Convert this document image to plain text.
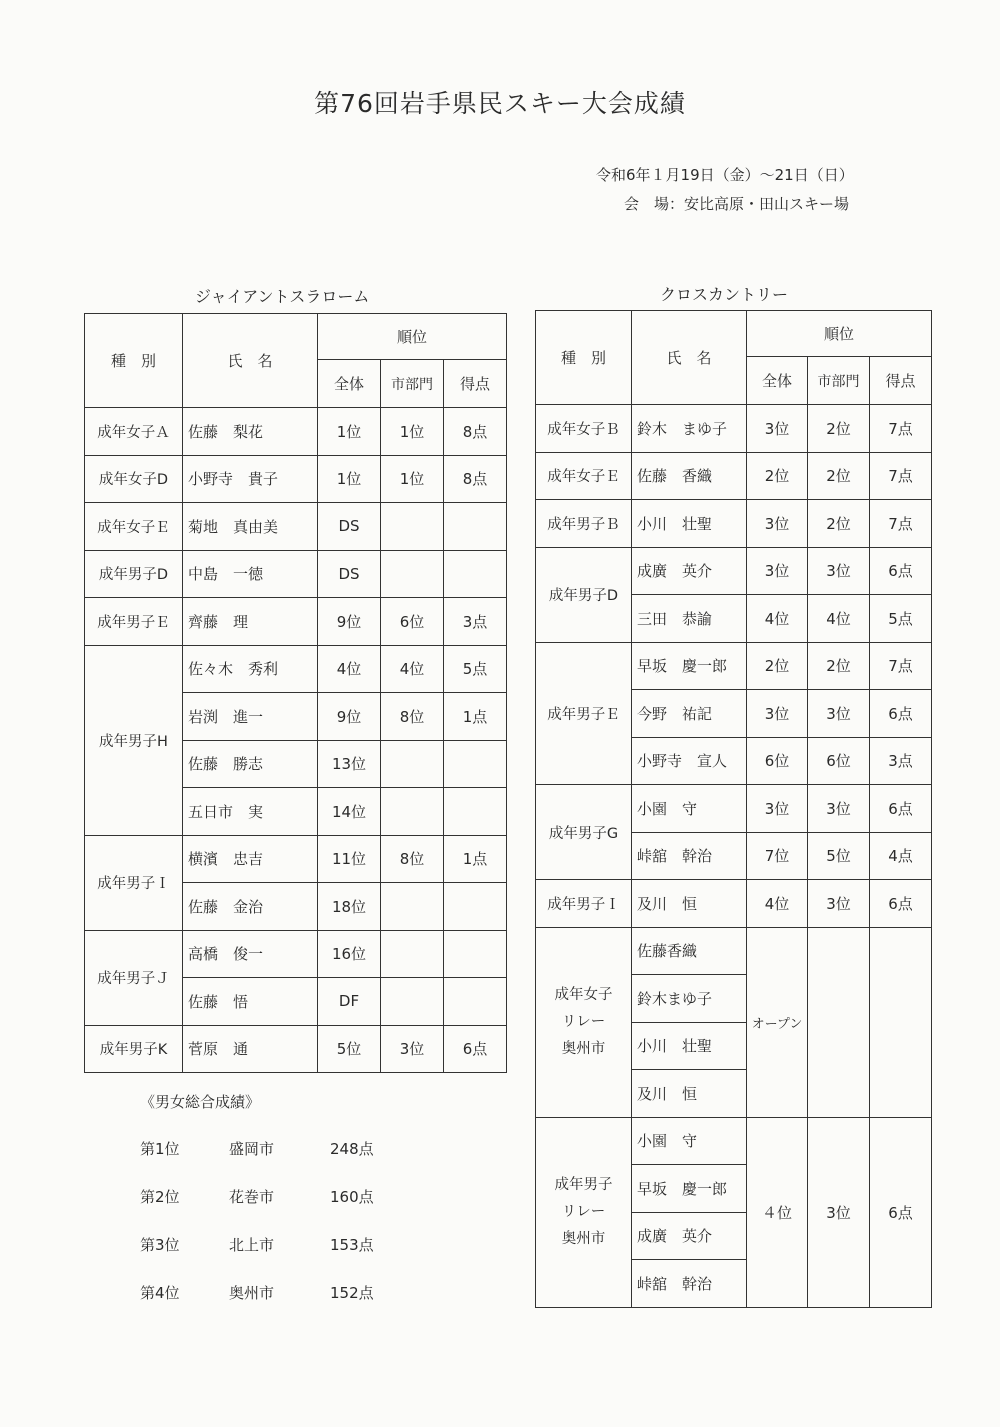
第76回岩手県民スキー大会成績
令和6年１月19日（金）～21日（日）
会　場：安比高原・田山スキー場
ジャイアントスラローム	クロスカントリー
種　別	氏　名	順位		
		全体	市部門	得点
成年女子Ａ	佐藤　梨花	1位	1位	8点
成年女子D	小野寺　貴子	1位	1位	8点
成年女子Ｅ	菊地　真由美	DS		
成年男子D	中島　一徳	DS		
成年男子Ｅ	齊藤　理	9位	6位	3点
成年男子H	佐々木　秀利	4位	4位	5点
	岩渕　進一	9位	8位	1点
	佐藤　勝志	13位		
	五日市　実	14位		
成年男子Ｉ	横濱　忠吉	11位	8位	1点
	佐藤　金治	18位		
成年男子Ｊ	高橋　俊一	16位		
	佐藤　悟	DF		
成年男子K	菅原　通	5位	3位	6点
種　別	氏　名	順位		
		全体	市部門	得点
成年女子Ｂ	鈴木　まゆ子	3位	2位	7点
成年女子Ｅ	佐藤　香織	2位	2位	7点
成年男子Ｂ	小川　壮聖	3位	2位	7点
成年男子D	成廣　英介	3位	3位	6点
	三田　恭諭	4位	4位	5点
成年男子Ｅ	早坂　慶一郎	2位	2位	7点
	今野　祐記	3位	3位	6点
	小野寺　宣人	6位	6位	3点
成年男子G	小園　守	3位	3位	6点
	峠舘　幹治	7位	5位	4点
成年男子Ｉ	及川　恒	4位	3位	6点

成年女子
リレー
奥州市	佐藤香織	オープン		
	鈴木まゆ子			
	小川　壮聖			
	及川　恒			

成年男子
リレー
奥州市	小園　守	４位	3位	6点
	早坂　慶一郎			
	成廣　英介			
	峠舘　幹治			
《男女総合成績》
第1位	盛岡市	248点
第2位	花巻市	160点
第3位	北上市	153点
第4位	奥州市	152点
